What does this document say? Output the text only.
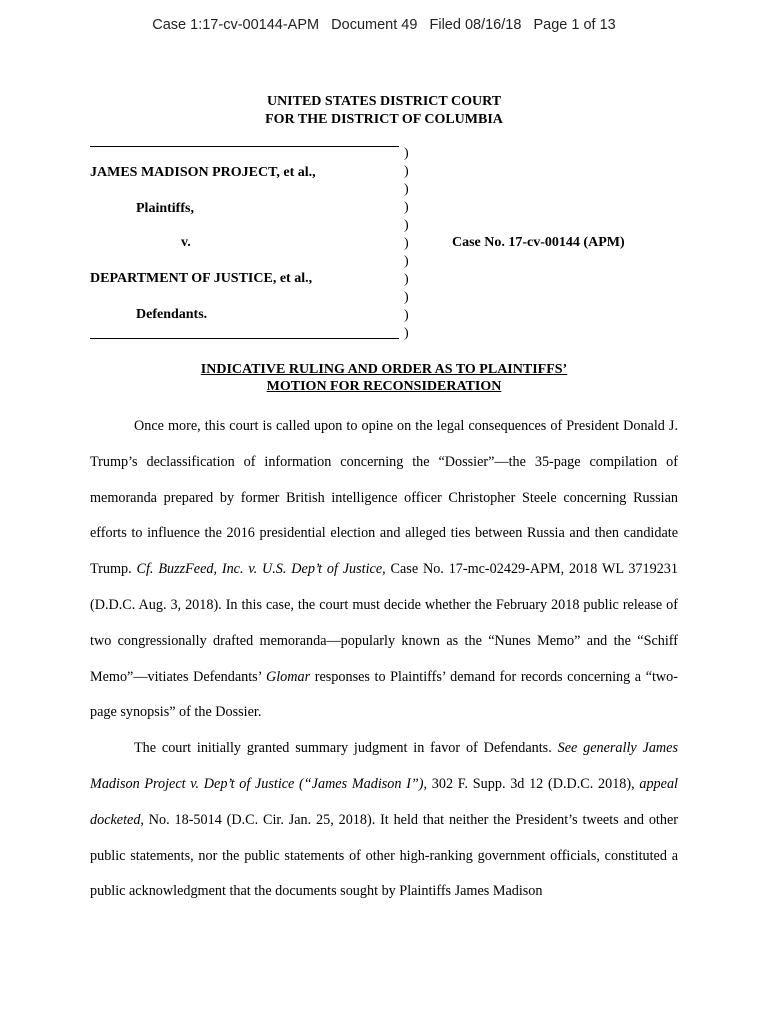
Case 1:17-cv-00144-APM   Document 49   Filed 08/16/18   Page 1 of 13
UNITED STATES DISTRICT COURT
FOR THE DISTRICT OF COLUMBIA
)
)
)
)
)
)
)
)
)
)
)
JAMES MADISON PROJECT, et al.,
Plaintiffs,
v.
DEPARTMENT OF JUSTICE, et al.,
Defendants.
Case No. 17-cv-00144 (APM)
INDICATIVE RULING AND ORDER AS TO PLAINTIFFS’
MOTION FOR RECONSIDERATION

Once more, this court is called upon to opine on the legal consequences of President Donald J. Trump’s declassification of information concerning the “Dossier”—the 35-page compilation of memoranda prepared by former British intelligence officer Christopher Steele concerning Russian efforts to influence the 2016 presidential election and alleged ties between Russia and then candidate Trump. Cf. BuzzFeed, Inc. v. U.S. Dep’t of Justice, Case No. 17-mc-02429-APM, 2018 WL 3719231 (D.D.C. Aug. 3, 2018). In this case, the court must decide whether the February 2018 public release of two congressionally drafted memoranda—popularly known as the “Nunes Memo” and the “Schiff Memo”—vitiates Defendants’ Glomar responses to Plaintiffs’ demand for records concerning a “two-page synopsis” of the Dossier.

The court initially granted summary judgment in favor of Defendants. See generally James Madison Project v. Dep’t of Justice (“James Madison I”), 302 F. Supp. 3d 12 (D.D.C. 2018), appeal docketed, No. 18-5014 (D.C. Cir. Jan. 25, 2018). It held that neither the President’s tweets and other public statements, nor the public statements of other high-ranking government officials, constituted a public acknowledgment that the documents sought by Plaintiffs James Madison
